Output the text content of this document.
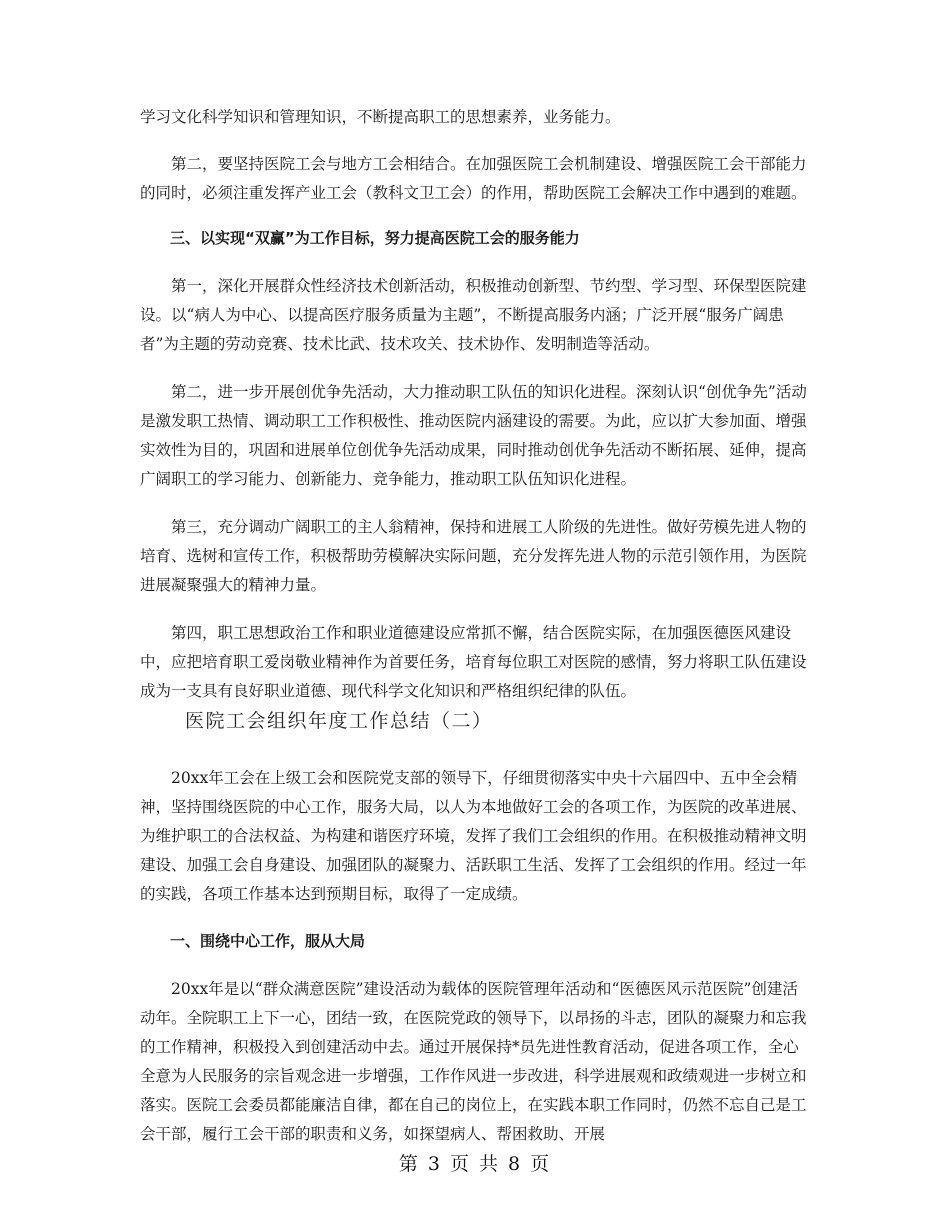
学习文化科学知识和管理知识，不断提高职工的思想素养，业务能力。

第二，要坚持医院工会与地方工会相结合。在加强医院工会机制建设、增强医院工会干部能力的同时，必须注重发挥产业工会（教科文卫工会）的作用，帮助医院工会解决工作中遇到的难题。

三、以实现“双赢”为工作目标，努力提高医院工会的服务能力

第一，深化开展群众性经济技术创新活动，积极推动创新型、节约型、学习型、环保型医院建设。以“病人为中心、以提高医疗服务质量为主题”，不断提高服务内涵；广泛开展“服务广阔患者”为主题的劳动竞赛、技术比武、技术攻关、技术协作、发明制造等活动。

第二，进一步开展创优争先活动，大力推动职工队伍的知识化进程。深刻认识“创优争先”活动是激发职工热情、调动职工工作积极性、推动医院内涵建设的需要。为此，应以扩大参加面、增强实效性为目的，巩固和进展单位创优争先活动成果，同时推动创优争先活动不断拓展、延伸，提高广阔职工的学习能力、创新能力、竞争能力，推动职工队伍知识化进程。

第三，充分调动广阔职工的主人翁精神，保持和进展工人阶级的先进性。做好劳模先进人物的培育、选树和宣传工作，积极帮助劳模解决实际问题，充分发挥先进人物的示范引领作用，为医院进展凝聚强大的精神力量。

第四，职工思想政治工作和职业道德建设应常抓不懈，结合医院实际，在加强医德医风建设中，应把培育职工爱岗敬业精神作为首要任务，培育每位职工对医院的感情，努力将职工队伍建设成为一支具有良好职业道德、现代科学文化知识和严格组织纪律的队伍。

医院工会组织年度工作总结（二）

20xx年工会在上级工会和医院党支部的领导下，仔细贯彻落实中央十六届四中、五中全会精神，坚持围绕医院的中心工作，服务大局，以人为本地做好工会的各项工作，为医院的改革进展、为维护职工的合法权益、为构建和谐医疗环境，发挥了我们工会组织的作用。在积极推动精神文明建设、加强工会自身建设、加强团队的凝聚力、活跃职工生活、发挥了工会组织的作用。经过一年的实践，各项工作基本达到预期目标，取得了一定成绩。

一、围绕中心工作，服从大局

20xx年是以“群众满意医院”建设活动为载体的医院管理年活动和“医德医风示范医院”创建活动年。全院职工上下一心，团结一致，在医院党政的领导下，以昂扬的斗志，团队的凝聚力和忘我的工作精神，积极投入到创建活动中去。通过开展保持*员先进性教育活动，促进各项工作，全心全意为人民服务的宗旨观念进一步增强，工作作风进一步改进，科学进展观和政绩观进一步树立和落实。医院工会委员都能廉洁自律，都在自己的岗位上，在实践本职工作同时，仍然不忘自己是工会干部，履行工会干部的职责和义务，如探望病人、帮困救助、开展

第 3 页 共 8 页
